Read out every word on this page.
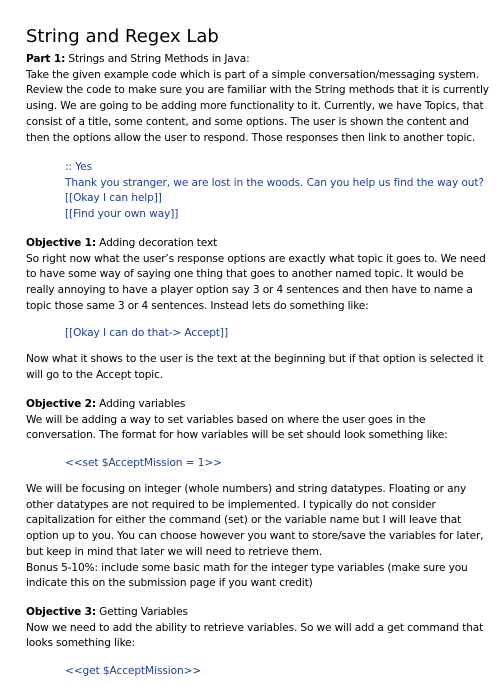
String and Regex Lab

Part 1: Strings and String Methods in Java:
Take the given example code which is part of a simple conversation/messaging system. Review the code to make sure you are familiar with the String methods that it is currently using. We are going to be adding more functionality to it. Currently, we have Topics, that consist of a title, some content, and some options. The user is shown the content and then the options allow the user to respond. Those responses then link to another topic.

:: Yes
Thank you stranger, we are lost in the woods. Can you help us find the way out?
[[Okay I can help]]
[[Find your own way]]

Objective 1: Adding decoration text
So right now what the user’s response options are exactly what topic it goes to. We need to have some way of saying one thing that goes to another named topic. It would be really annoying to have a player option say 3 or 4 sentences and then have to name a topic those same 3 or 4 sentences. Instead lets do something like:

[[Okay I can do that-> Accept]]

Now what it shows to the user is the text at the beginning but if that option is selected it will go to the Accept topic.

Objective 2: Adding variables
We will be adding a way to set variables based on where the user goes in the conversation. The format for how variables will be set should look something like:

<<set $AcceptMission = 1>>

We will be focusing on integer (whole numbers) and string datatypes. Floating or any other datatypes are not required to be implemented. I typically do not consider capitalization for either the command (set) or the variable name but I will leave that option up to you. You can choose however you want to store/save the variables for later, but keep in mind that later we will need to retrieve them.
Bonus 5-10%: include some basic math for the integer type variables (make sure you indicate this on the submission page if you want credit)

Objective 3: Getting Variables
Now we need to add the ability to retrieve variables. So we will add a get command that looks something like:

<<get $AcceptMission>>
